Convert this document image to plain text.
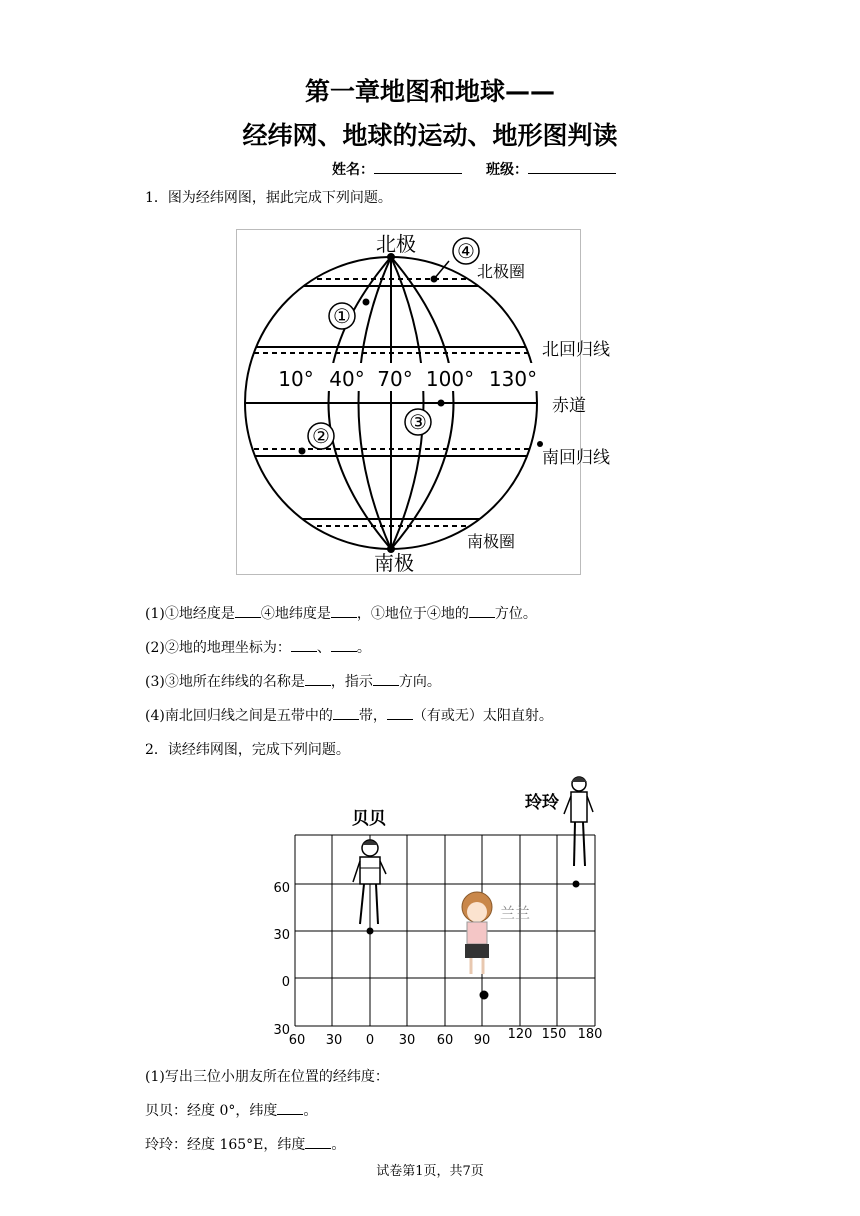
第一章地图和地球——
经纬网、地球的运动、地形图判读
姓名：	班级：
1．图为经纬网图，据此完成下列问题。
北极
南极
北极圈
南极圈
北回归线
赤道
南回归线
10° 40° 70° 100° 130°
①
④
②
③
(1)①地经度是 ④地纬度是 ，①地位于④地的 方位。
(2)②地的地理坐标为： 、 。
(3)③地所在纬线的名称是 ，指示 方向。
(4)南北回归线之间是五带中的 带， （有或无）太阳直射。
2．读经纬网图，完成下列问题。
60
30
0
30
60 30 0 30 60 90 120 150 180
贝贝
玲玲
兰兰
(1)写出三位小朋友所在位置的经纬度：
贝贝：经度 0°，纬度 。
玲玲：经度 165°E，纬度 。
试卷第1页，共7页
